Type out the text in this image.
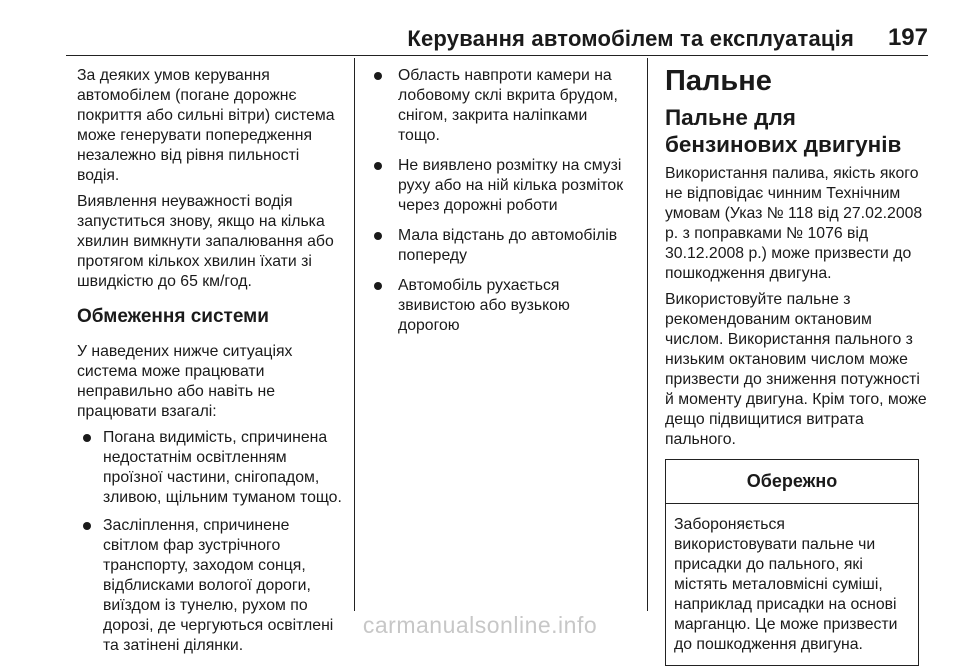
Керування автомобілем та експлуатація 197

За деяких умов керування автомобілем (погане дорожнє покриття або сильні вітри) система може генерувати попередження незалежно від рівня пильності водія.

Виявлення неуважності водія запуститься знову, якщо на кілька хвилин вимкнути запалювання або протягом кількох хвилин їхати зі швидкістю до 65 км/год.

Обмеження системи

У наведених нижче ситуаціях система може працювати неправильно або навіть не працювати взагалі:

Погана видимість, спричинена недостатнім освітленням проїзної частини, снігопадом, зливою, щільним туманом тощо.
Засліплення, спричинене світлом фар зустрічного транспорту, заходом сонця, відблисками вологої дороги, виїздом із тунелю, рухом по дорозі, де чергуються освітлені та затінені ділянки.
Область навпроти камери на лобовому склі вкрита брудом, снігом, закрита наліпками тощо.
Не виявлено розмітку на смузі руху або на ній кілька розміток через дорожні роботи
Мала відстань до автомобілів попереду
Автомобіль рухається звивистою або вузькою дорогою
Пальне
Пальне для бензинових двигунів

Використання палива, якість якого не відповідає чинним Технічним умовам (Указ № 118 від 27.02.2008 р. з поправками № 1076 від 30.12.2008 р.) може призвести до пошкодження двигуна.

Використовуйте пальне з рекомендованим октановим числом. Використання пального з низьким октановим числом може призвести до зниження потужності й моменту двигуна. Крім того, може дещо підвищитися витрата пального.

Обережно
Забороняється використовувати пальне чи присадки до пального, які містять металовмісні суміші, наприклад присадки на основі марганцю. Це може призвести до пошкодження двигуна.
carmanualsonline.info
